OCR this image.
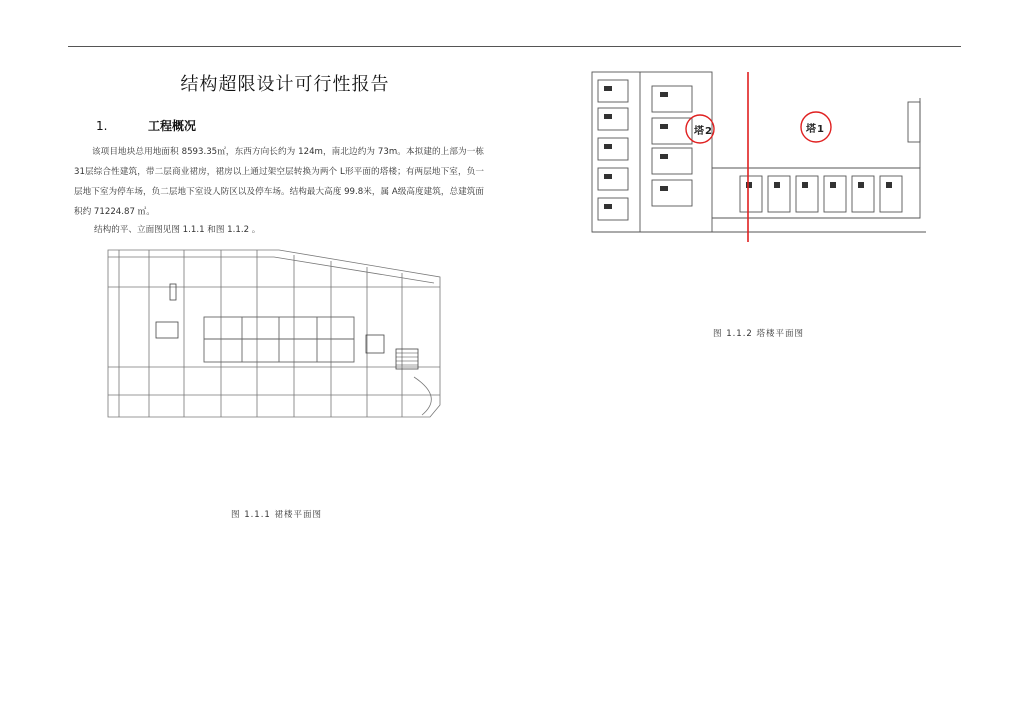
结构超限设计可行性报告
1.	工程概况
该项目地块总用地面积 8593.35㎡，东西方向长约为 124m，南北边约为 73m。本拟建的上部为一栋 31层综合性建筑，带二层商业裙房，裙房以上通过架空层转换为两个 L形平面的塔楼；有两层地下室，负一层地下室为停车场，负二层地下室设人防区以及停车场。结构最大高度 99.8米，属 A级高度建筑，总建筑面积约 71224.87 ㎡。
结构的平、立面图见图 1.1.1 和图 1.1.2 。
图 1.1.1 裙楼平面图
塔2	塔1
图 1.1.2 塔楼平面图
